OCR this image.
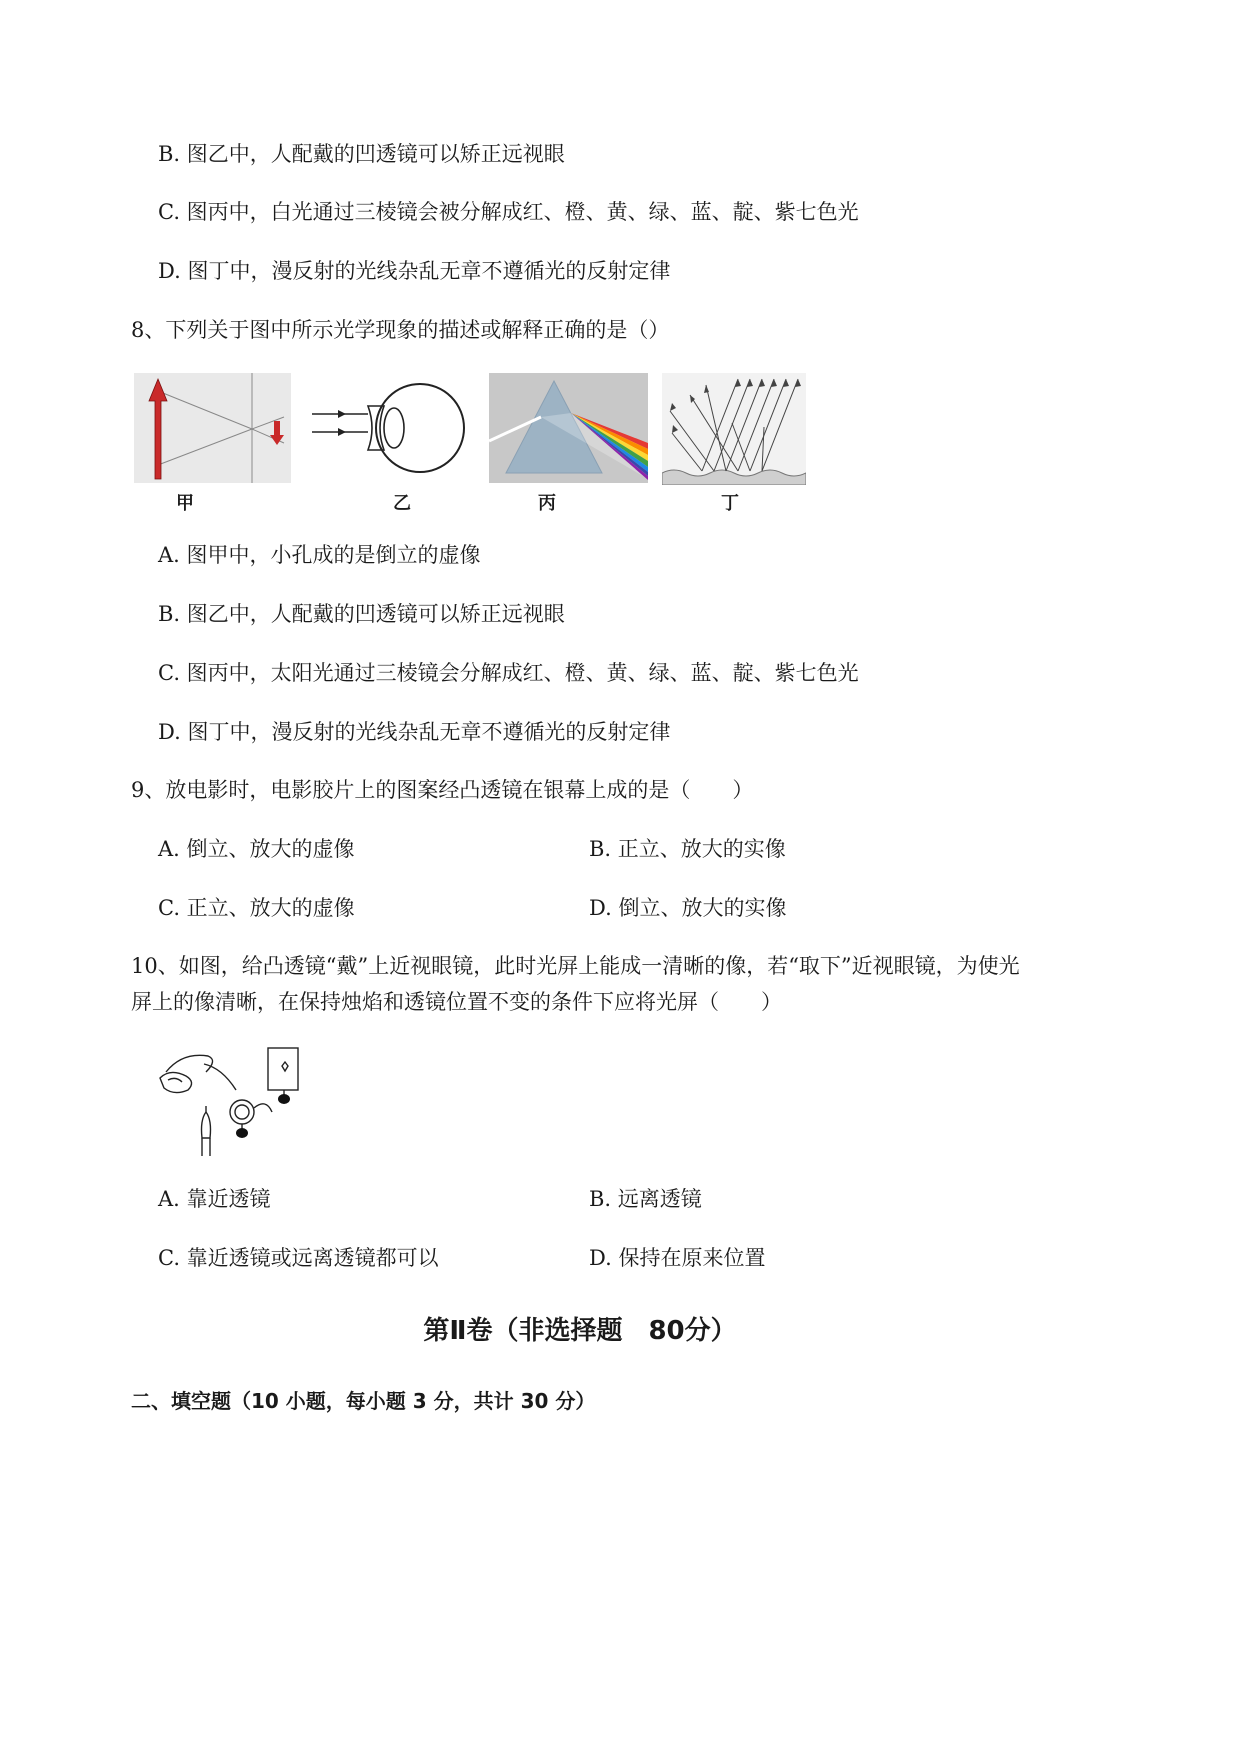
B. 图乙中，人配戴的凹透镜可以矫正远视眼
C. 图丙中，白光通过三棱镜会被分解成红、橙、黄、绿、蓝、靛、紫七色光
D. 图丁中，漫反射的光线杂乱无章不遵循光的反射定律
8、下列关于图中所示光学现象的描述或解释正确的是（）
甲	乙	丙	丁
A. 图甲中，小孔成的是倒立的虚像
B. 图乙中，人配戴的凹透镜可以矫正远视眼
C. 图丙中，太阳光通过三棱镜会分解成红、橙、黄、绿、蓝、靛、紫七色光
D. 图丁中，漫反射的光线杂乱无章不遵循光的反射定律
9、放电影时，电影胶片上的图案经凸透镜在银幕上成的是（　　）
A. 倒立、放大的虚像	B. 正立、放大的实像
C. 正立、放大的虚像	D. 倒立、放大的实像
10、如图，给凸透镜“戴”上近视眼镜，此时光屏上能成一清晰的像，若“取下”近视眼镜，为使光
屏上的像清晰，在保持烛焰和透镜位置不变的条件下应将光屏（　　）
A. 靠近透镜	B. 远离透镜
C. 靠近透镜或远离透镜都可以	D. 保持在原来位置
第Ⅱ卷（非选择题　80分）
二、填空题（10 小题，每小题 3 分，共计 30 分）
